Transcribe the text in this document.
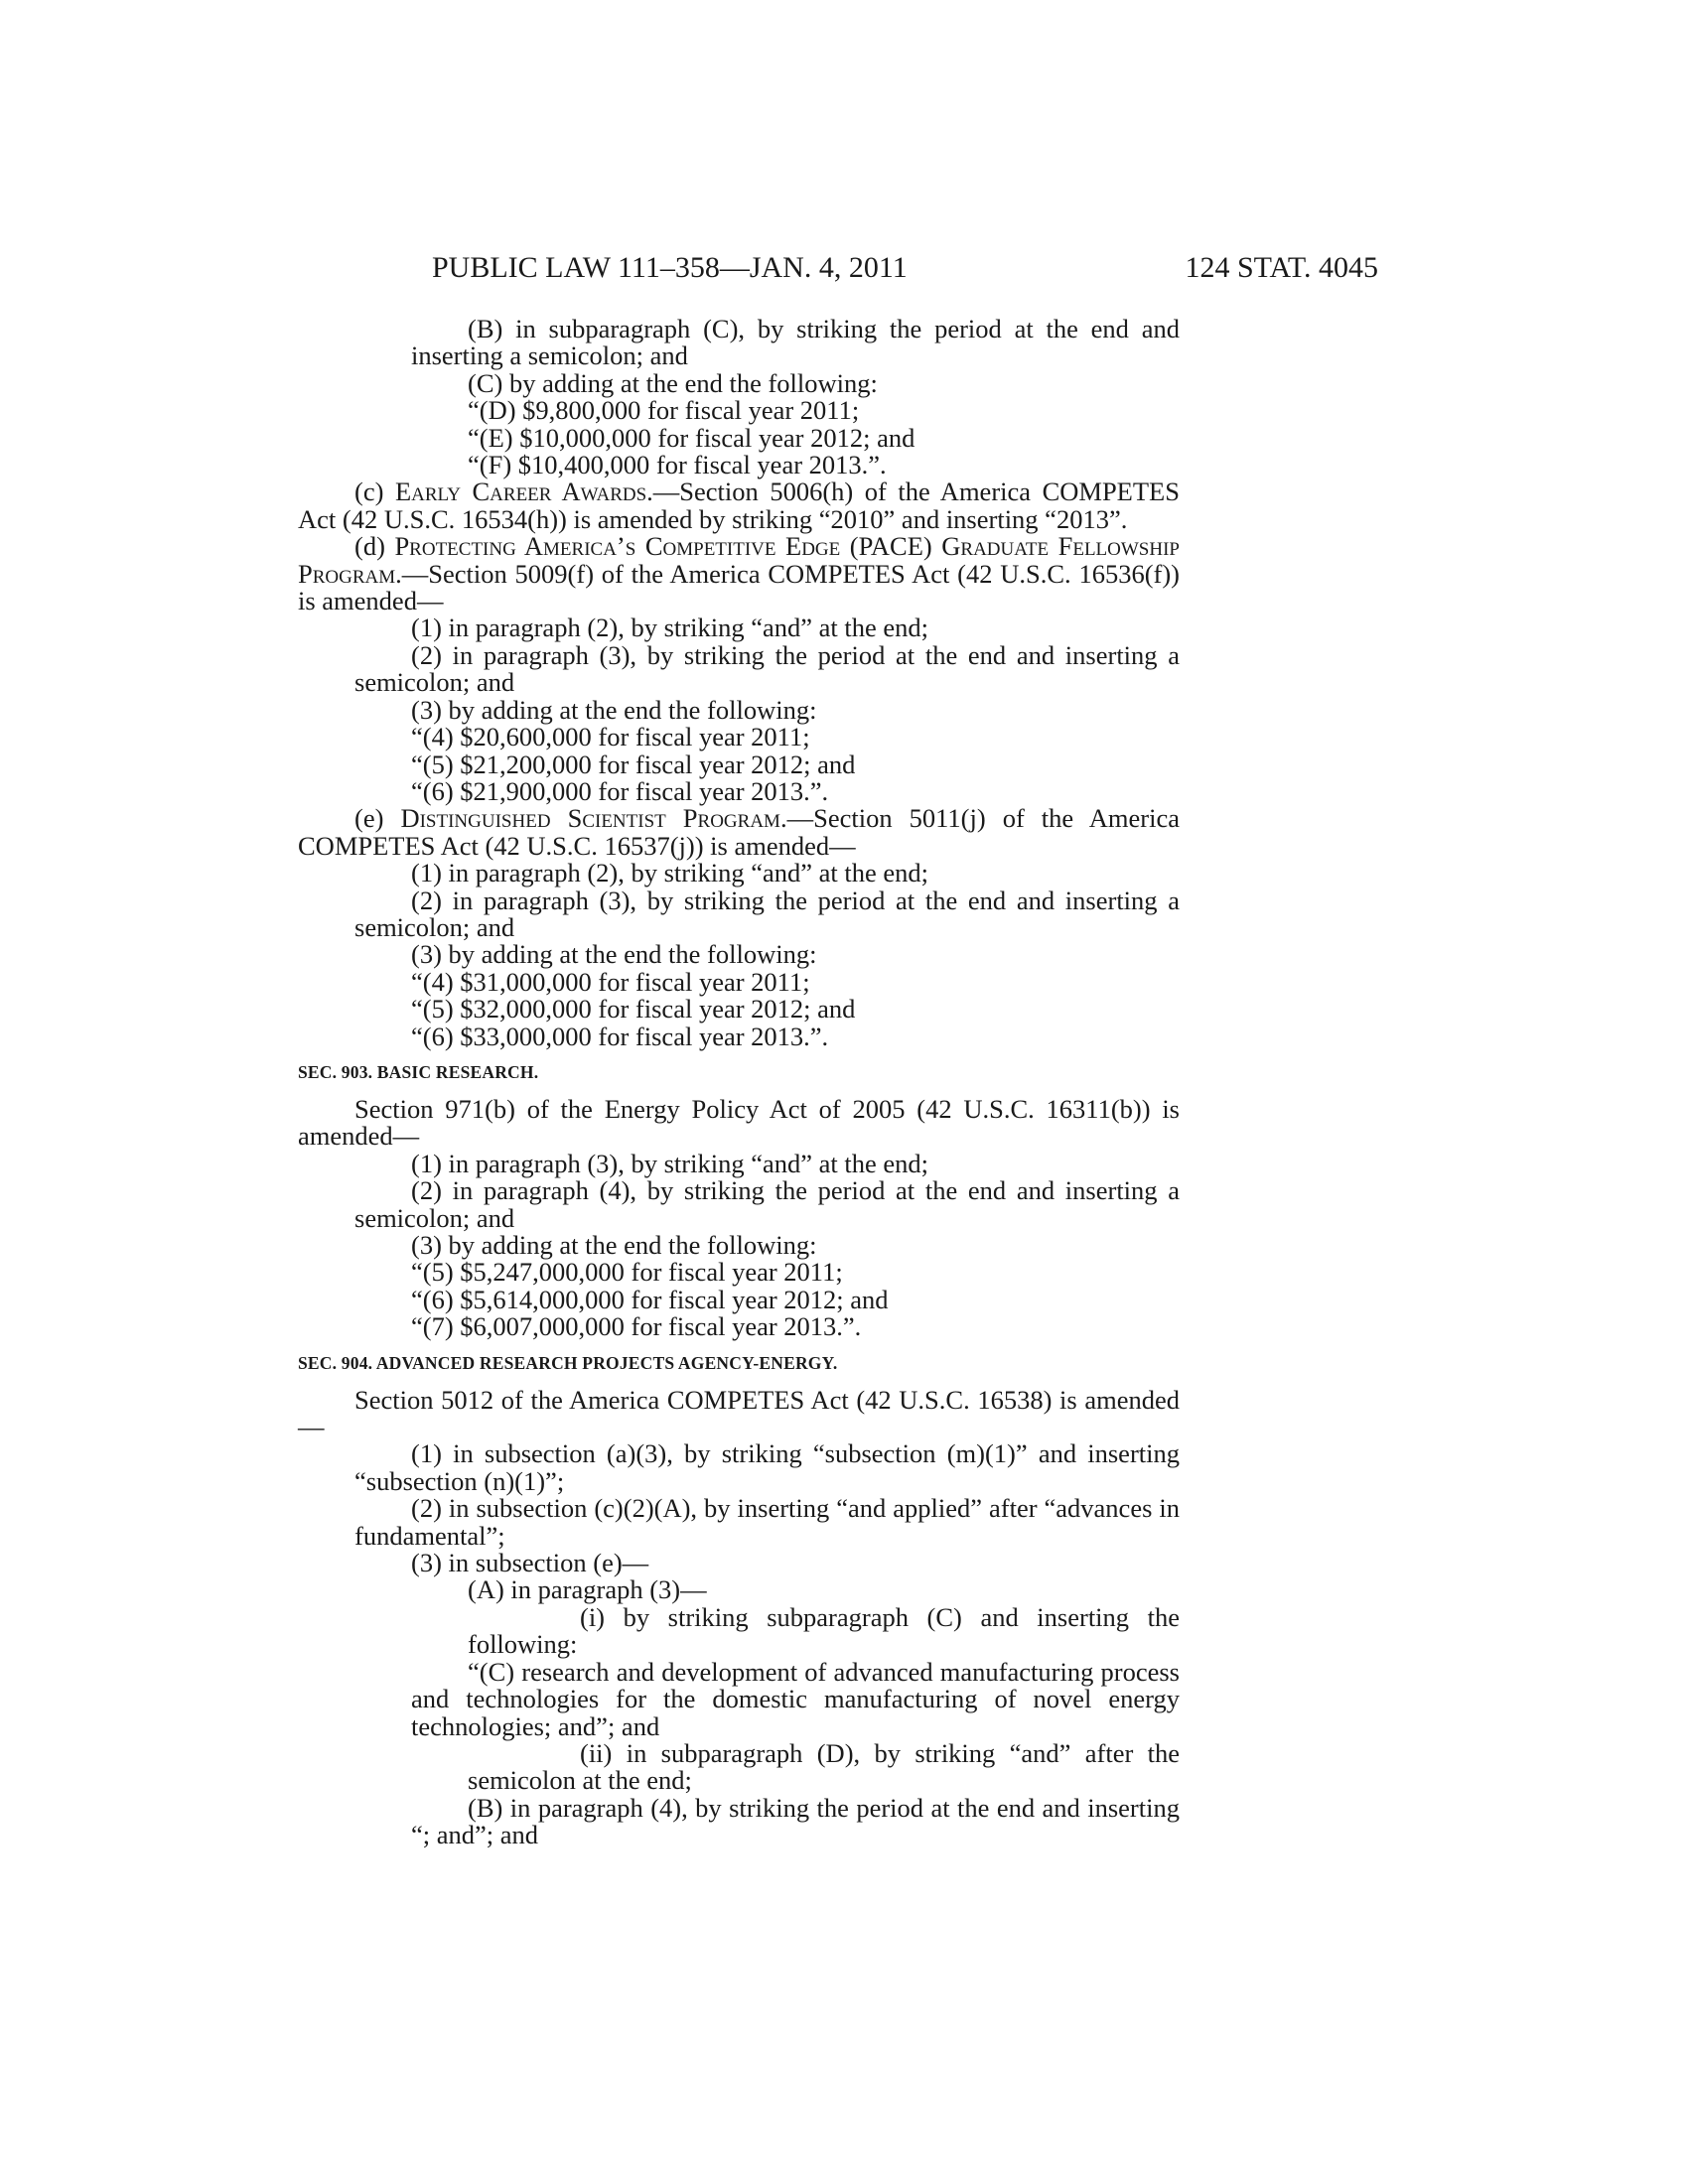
PUBLIC LAW 111–358—JAN. 4, 2011	124 STAT. 4045

(B) in subparagraph (C), by striking the period at the end and inserting a semicolon; and

(C) by adding at the end the following:

“(D) $9,800,000 for fiscal year 2011;

“(E) $10,000,000 for fiscal year 2012; and

“(F) $10,400,000 for fiscal year 2013.”.

(c) Early Career Awards.—Section 5006(h) of the America COMPETES Act (42 U.S.C. 16534(h)) is amended by striking “2010” and inserting “2013”.

(d) Protecting America’s Competitive Edge (PACE) Graduate Fellowship Program.—Section 5009(f) of the America COMPETES Act (42 U.S.C. 16536(f)) is amended—

(1) in paragraph (2), by striking “and” at the end;

(2) in paragraph (3), by striking the period at the end and inserting a semicolon; and

(3) by adding at the end the following:

“(4) $20,600,000 for fiscal year 2011;

“(5) $21,200,000 for fiscal year 2012; and

“(6) $21,900,000 for fiscal year 2013.”.

(e) Distinguished Scientist Program.—Section 5011(j) of the America COMPETES Act (42 U.S.C. 16537(j)) is amended—

(1) in paragraph (2), by striking “and” at the end;

(2) in paragraph (3), by striking the period at the end and inserting a semicolon; and

(3) by adding at the end the following:

“(4) $31,000,000 for fiscal year 2011;

“(5) $32,000,000 for fiscal year 2012; and

“(6) $33,000,000 for fiscal year 2013.”.

SEC. 903. BASIC RESEARCH.

Section 971(b) of the Energy Policy Act of 2005 (42 U.S.C. 16311(b)) is amended—

(1) in paragraph (3), by striking “and” at the end;

(2) in paragraph (4), by striking the period at the end and inserting a semicolon; and

(3) by adding at the end the following:

“(5) $5,247,000,000 for fiscal year 2011;

“(6) $5,614,000,000 for fiscal year 2012; and

“(7) $6,007,000,000 for fiscal year 2013.”.

SEC. 904. ADVANCED RESEARCH PROJECTS AGENCY-ENERGY.

Section 5012 of the America COMPETES Act (42 U.S.C. 16538) is amended—

(1) in subsection (a)(3), by striking “subsection (m)(1)” and inserting “subsection (n)(1)”;

(2) in subsection (c)(2)(A), by inserting “and applied” after “advances in fundamental”;

(3) in subsection (e)—

(A) in paragraph (3)—

(i) by striking subparagraph (C) and inserting the following:

“(C) research and development of advanced manufacturing process and technologies for the domestic manufacturing of novel energy technologies; and”; and

(ii) in subparagraph (D), by striking “and” after the semicolon at the end;

(B) in paragraph (4), by striking the period at the end and inserting “; and”; and
